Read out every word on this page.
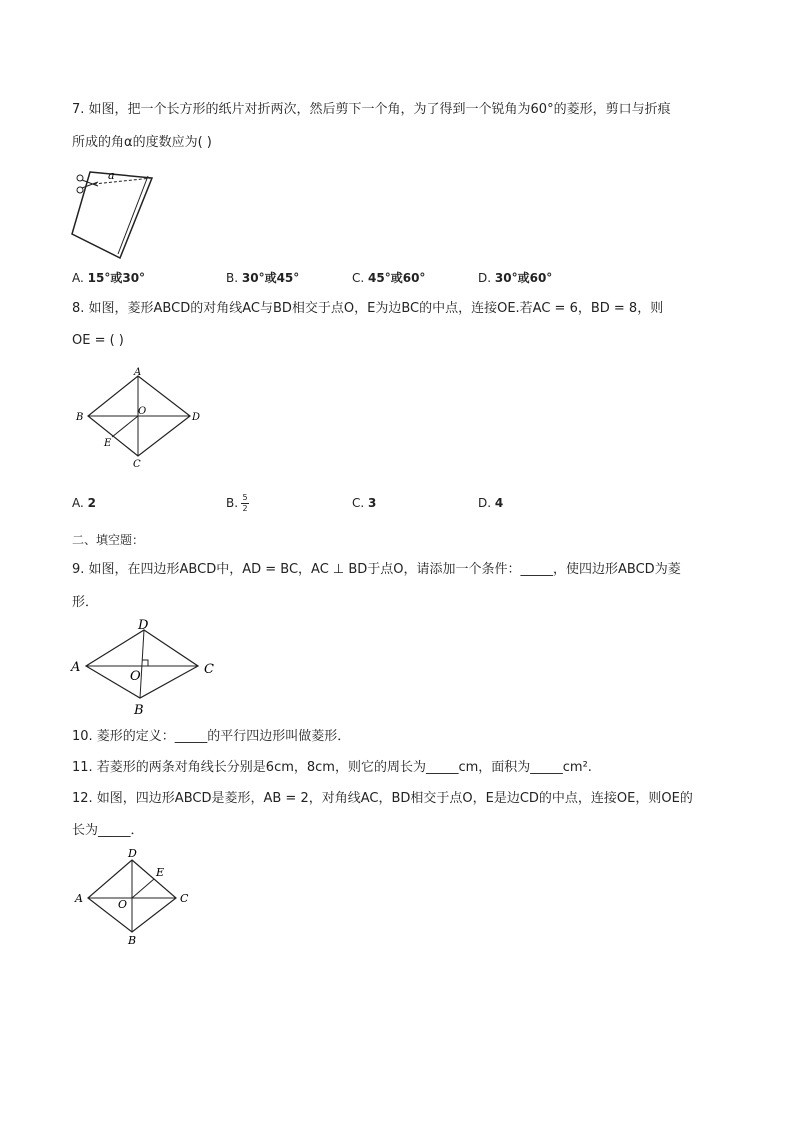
7. 如图，把一个长方形的纸片对折两次，然后剪下一个角，为了得到一个锐角为60°的菱形，剪口与折痕
所成的角α的度数应为( )
a
A. 15°或30°	B. 30°或45°	C. 45°或60°	D. 30°或60°
8. 如图，菱形ABCD的对角线AC与BD相交于点O，E为边BC的中点，连接OE.若AC = 6，BD = 8，则
OE = ( )
A
B
C
D
O
E
A. 2	B. 5
2	C. 3	D. 4
二、填空题：
9. 如图，在四边形ABCD中，AD = BC，AC ⊥ BD于点O，请添加一个条件：_____，使四边形ABCD为菱
形．
D
A	C
B
O
10. 菱形的定义：_____的平行四边形叫做菱形．
11. 若菱形的两条对角线长分别是6cm，8cm，则它的周长为_____cm，面积为_____cm².
12. 如图，四边形ABCD是菱形，AB = 2，对角线AC，BD相交于点O，E是边CD的中点，连接OE，则OE的
长为_____．
D
A	C
B
O
E
